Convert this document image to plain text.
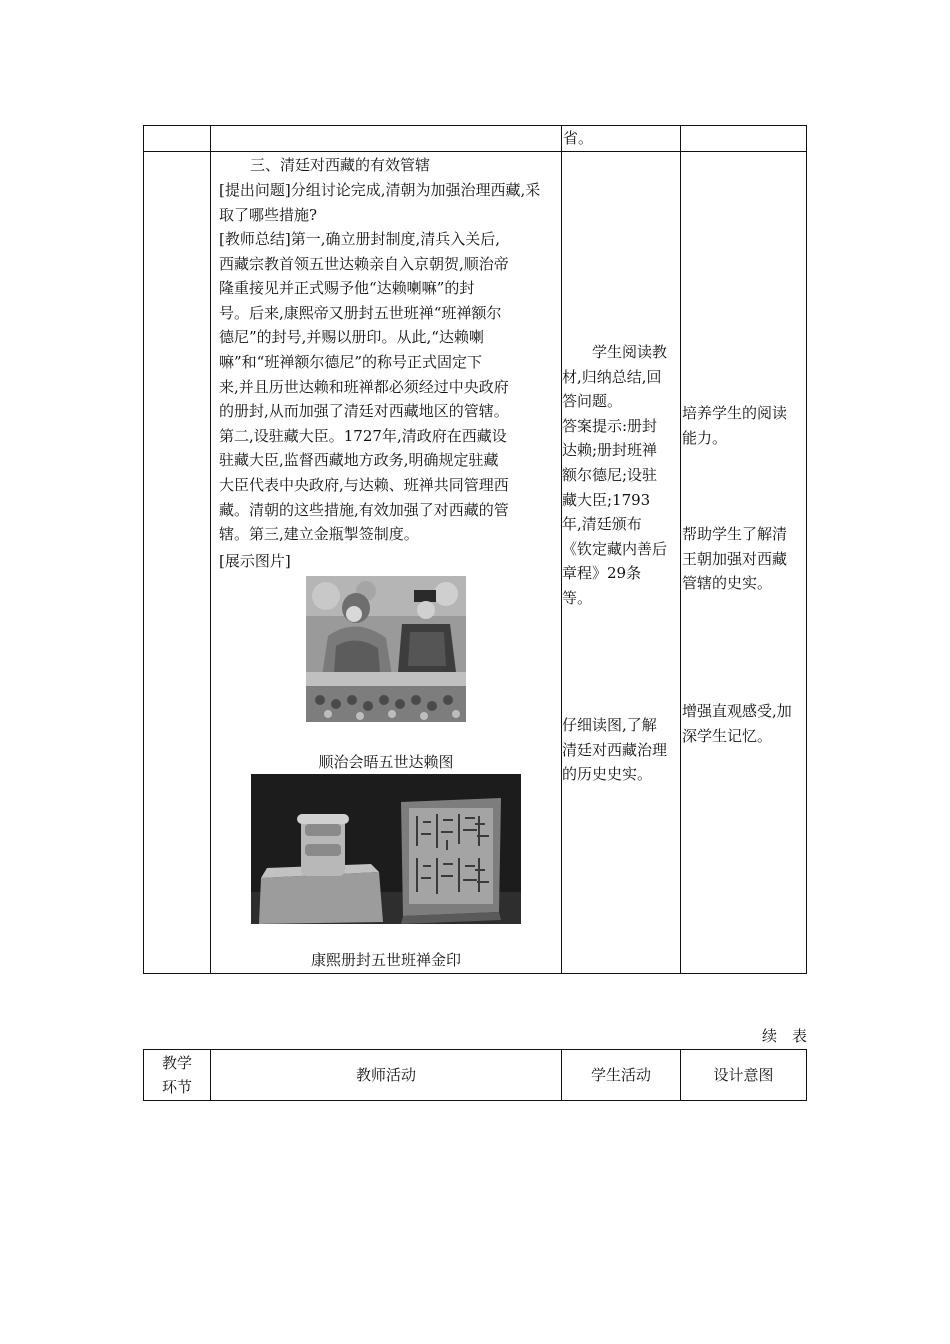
省。
三、清廷对西藏的有效管辖
[提出问题]分组讨论完成,清朝为加强治理西藏,采取了哪些措施?
[教师总结]第一,确立册封制度,清兵入关后,
西藏宗教首领五世达赖亲自入京朝贺,顺治帝
隆重接见并正式赐予他“达赖喇嘛”的封
号。后来,康熙帝又册封五世班禅“班禅额尔
德尼”的封号,并赐以册印。从此,“达赖喇
嘛”和“班禅额尔德尼”的称号正式固定下
来,并且历世达赖和班禅都必须经过中央政府
的册封,从而加强了清廷对西藏地区的管辖。
第二,设驻藏大臣。1727年,清政府在西藏设
驻藏大臣,监督西藏地方政务,明确规定驻藏
大臣代表中央政府,与达赖、班禅共同管理西
藏。清朝的这些措施,有效加强了对西藏的管
辖。第三,建立金瓶掣签制度。
[展示图片]
顺治会晤五世达赖图
康熙册封五世班禅金印
　　学生阅读教
材,归纳总结,回
答问题。
答案提示:册封
达赖;册封班禅
额尔德尼;设驻
藏大臣;1793
年,清廷颁布
《钦定藏内善后
章程》29条
等。
仔细读图,了解
清廷对西藏治理
的历史史实。
培养学生的阅读
能力。
帮助学生了解清
王朝加强对西藏
管辖的史实。
增强直观感受,加
深学生记忆。
续　表
教学
环节
教师活动	学生活动	设计意图
